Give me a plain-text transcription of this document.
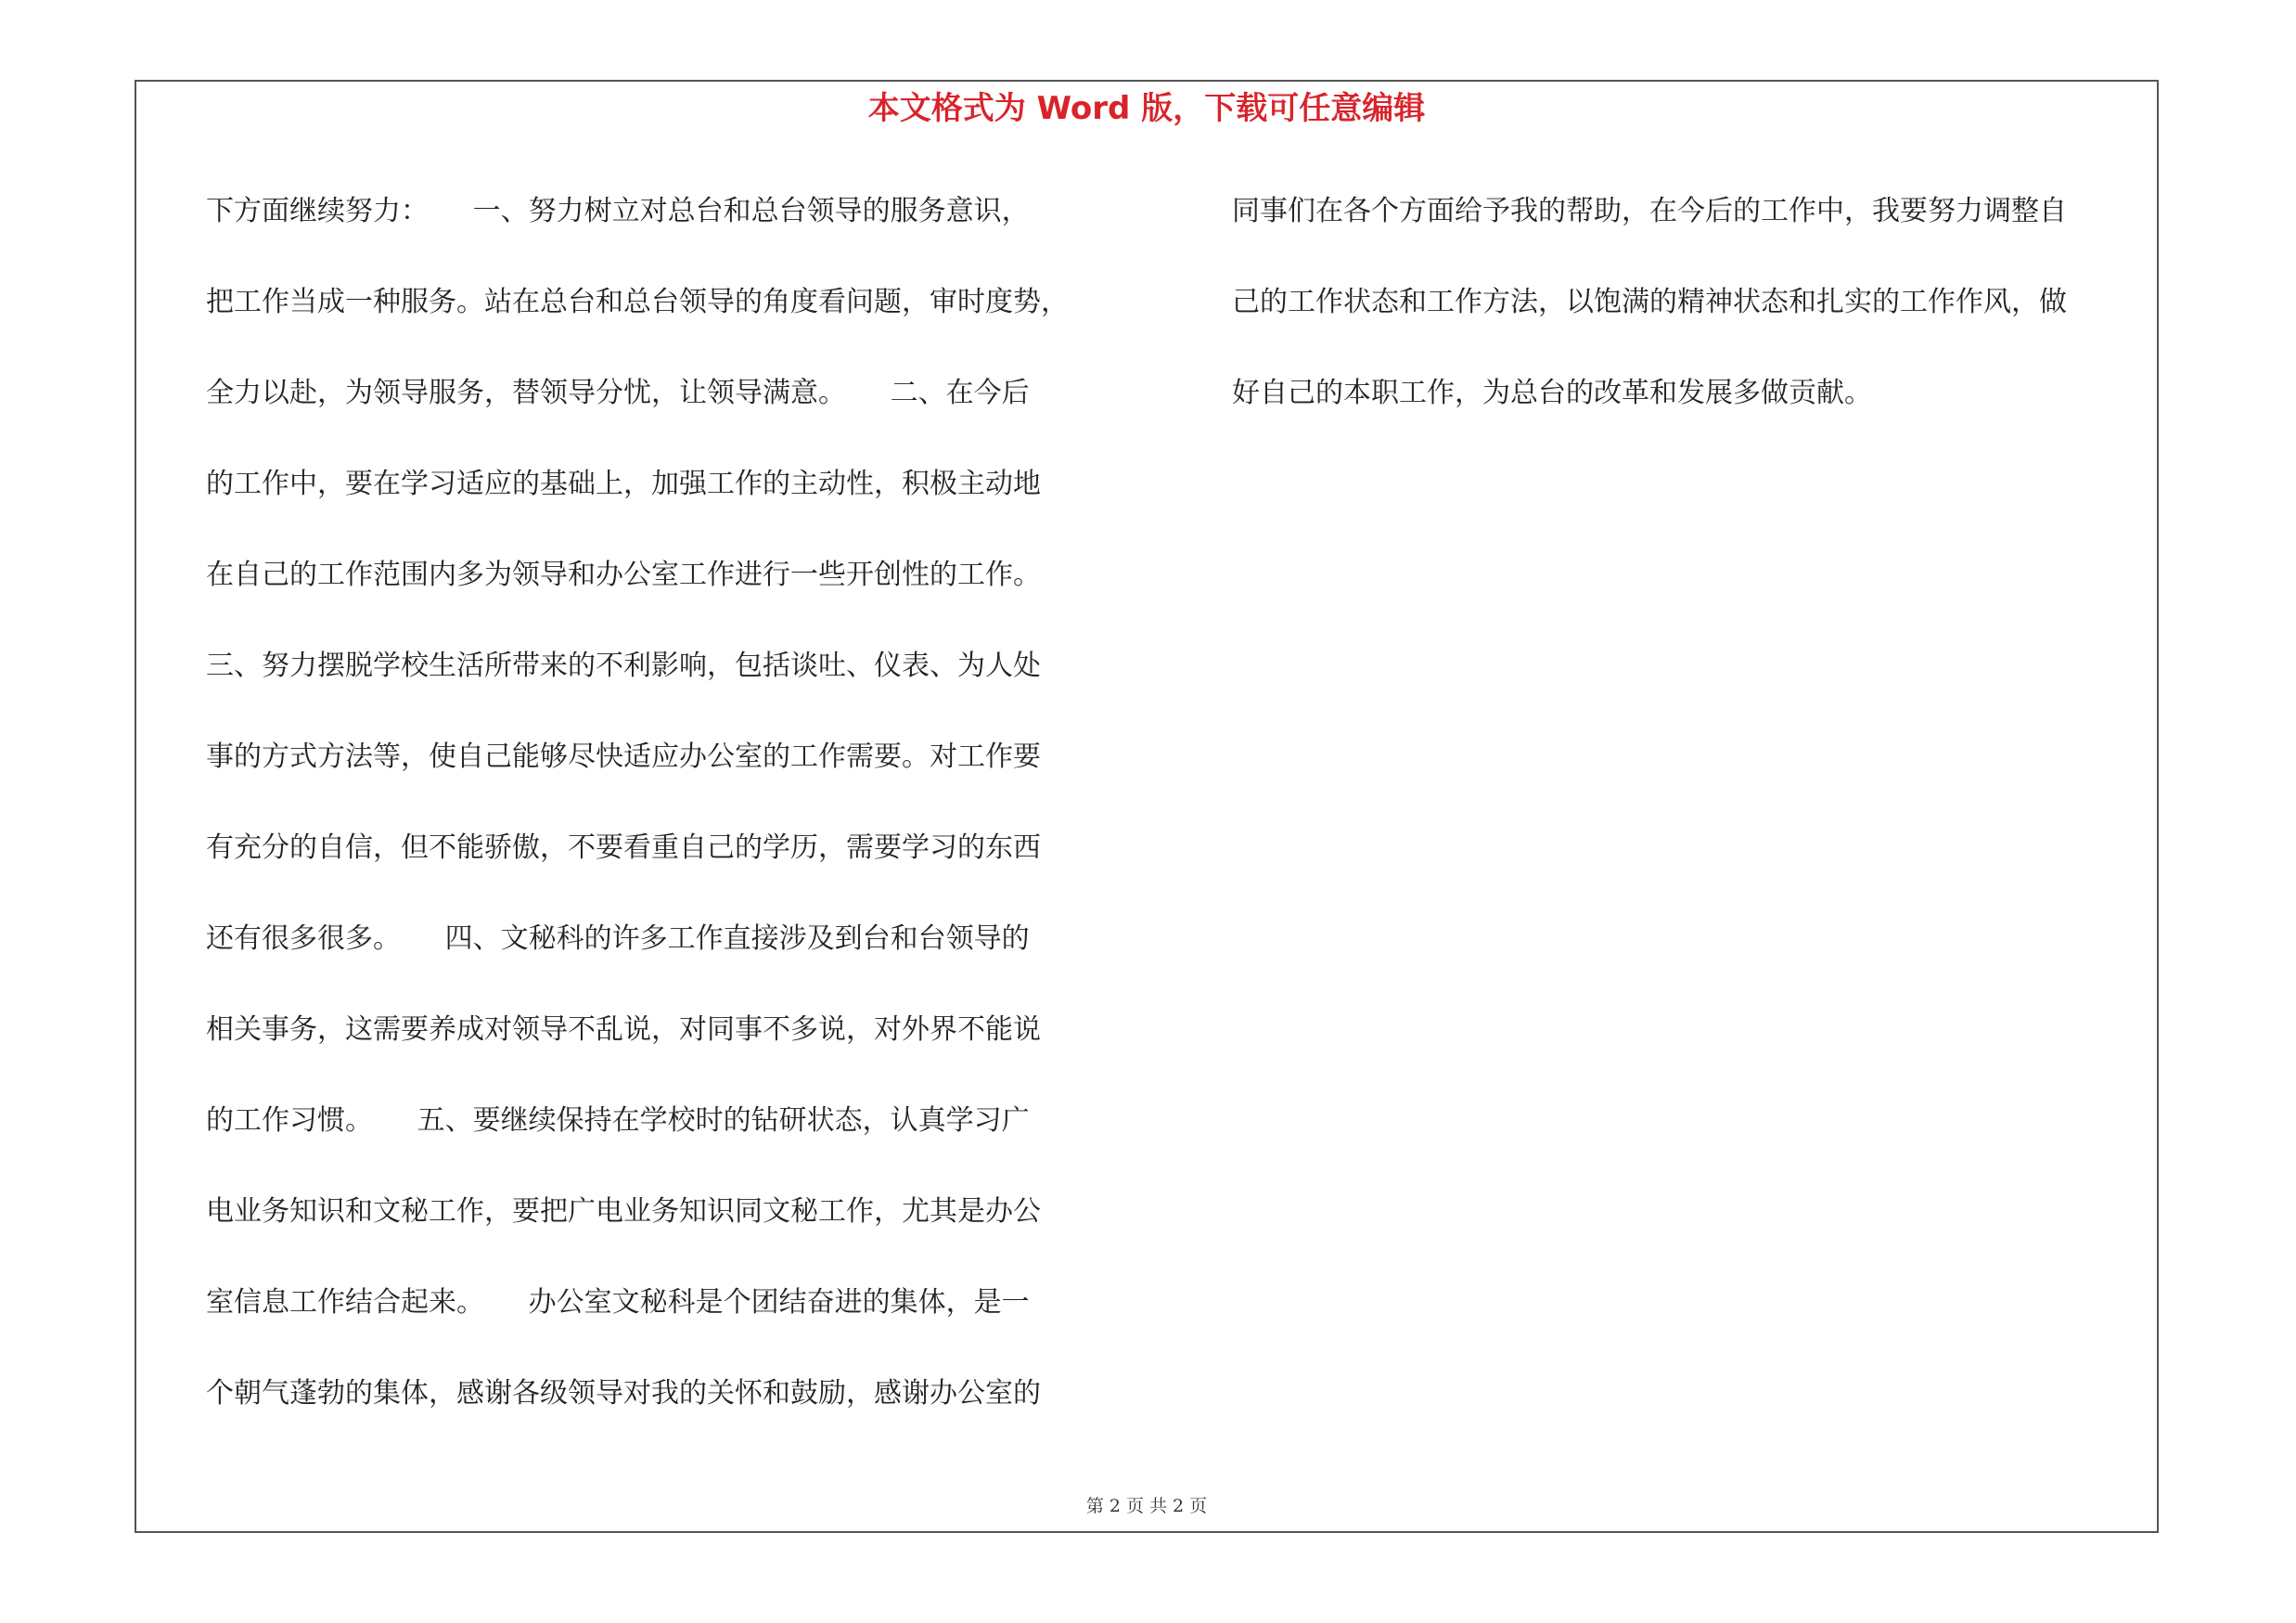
本文格式为 Word 版，下载可任意编辑
下方面继续努力：     一、努力树立对总台和总台领导的服务意识，
把工作当成一种服务。站在总台和总台领导的角度看问题，审时度势，
全力以赴，为领导服务，替领导分忧，让领导满意。     二、在今后
的工作中，要在学习适应的基础上，加强工作的主动性，积极主动地
在自己的工作范围内多为领导和办公室工作进行一些开创性的工作。
三、努力摆脱学校生活所带来的不利影响，包括谈吐、仪表、为人处
事的方式方法等，使自己能够尽快适应办公室的工作需要。对工作要
有充分的自信，但不能骄傲，不要看重自己的学历，需要学习的东西
还有很多很多。     四、文秘科的许多工作直接涉及到台和台领导的
相关事务，这需要养成对领导不乱说，对同事不多说，对外界不能说
的工作习惯。     五、要继续保持在学校时的钻研状态，认真学习广
电业务知识和文秘工作，要把广电业务知识同文秘工作，尤其是办公
室信息工作结合起来。     办公室文秘科是个团结奋进的集体，是一
个朝气蓬勃的集体，感谢各级领导对我的关怀和鼓励，感谢办公室的
同事们在各个方面给予我的帮助，在今后的工作中，我要努力调整自
己的工作状态和工作方法，以饱满的精神状态和扎实的工作作风，做
好自己的本职工作，为总台的改革和发展多做贡献。
第 2 页 共 2 页
